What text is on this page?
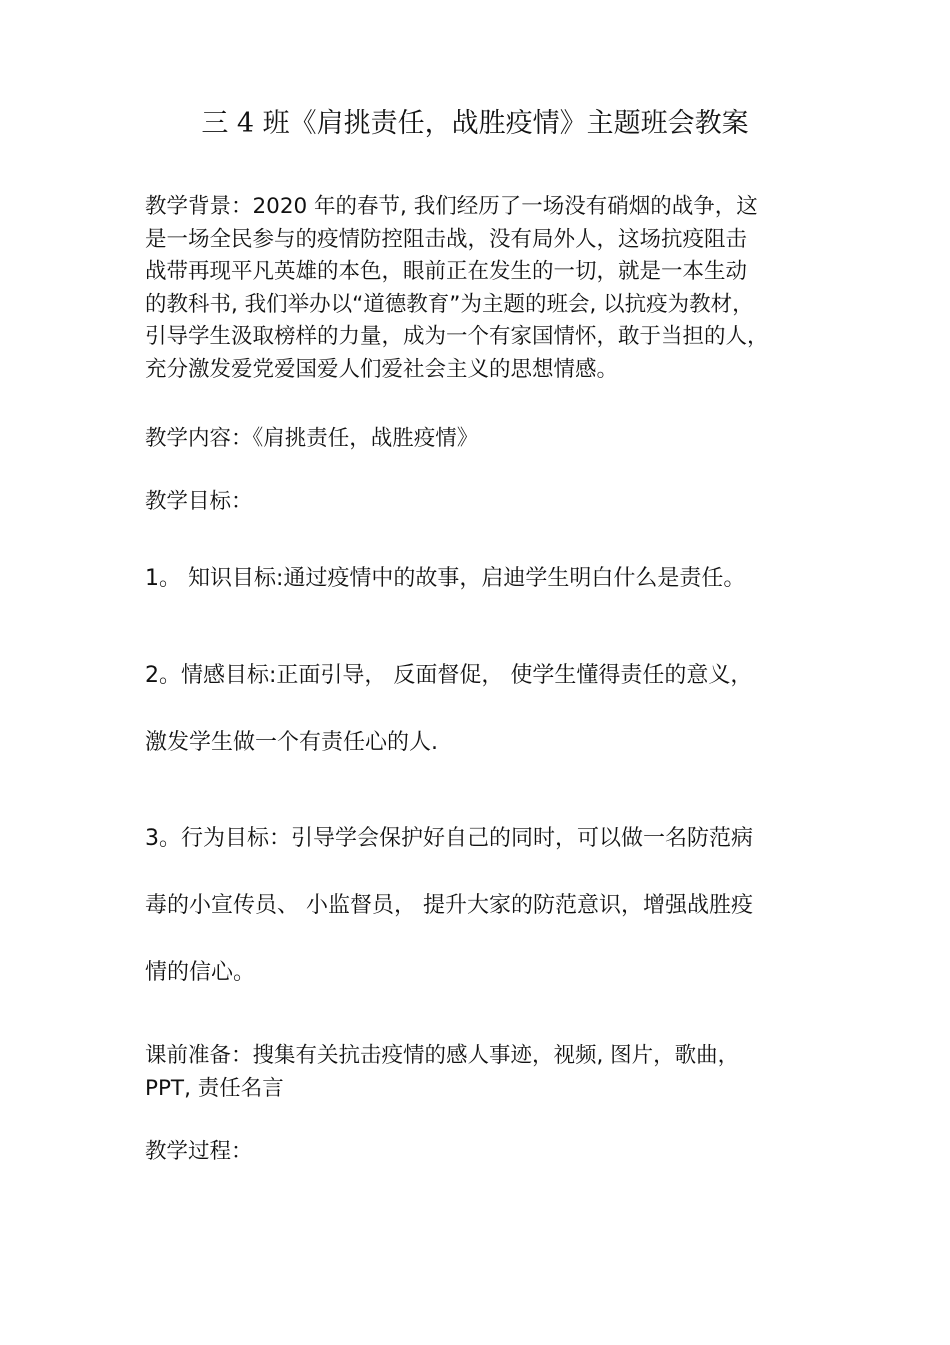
三 4 班《肩挑责任，战胜疫情》主题班会教案
教学背景：2020 年的春节, 我们经历了一场没有硝烟的战争，这
是一场全民参与的疫情防控阻击战，没有局外人，这场抗疫阻击
战带再现平凡英雄的本色，眼前正在发生的一切，就是一本生动
的教科书, 我们举办以“道德教育”为主题的班会, 以抗疫为教材，
引导学生汲取榜样的力量，成为一个有家国情怀，敢于当担的人，
充分激发爱党爱国爱人们爱社会主义的思想情感。
教学内容：《肩挑责任，战胜疫情》
教学目标：
1。 知识目标:通过疫情中的故事，启迪学生明白什么是责任。
2。情感目标:正面引导， 反面督促， 使学生懂得责任的意义，
激发学生做一个有责任心的人.
3。行为目标：引导学会保护好自己的同时，可以做一名防范病
毒的小宣传员、 小监督员， 提升大家的防范意识，增强战胜疫
情的信心。
课前准备：搜集有关抗击疫情的感人事迹，视频, 图片，歌曲，
PPT, 责任名言
教学过程：
